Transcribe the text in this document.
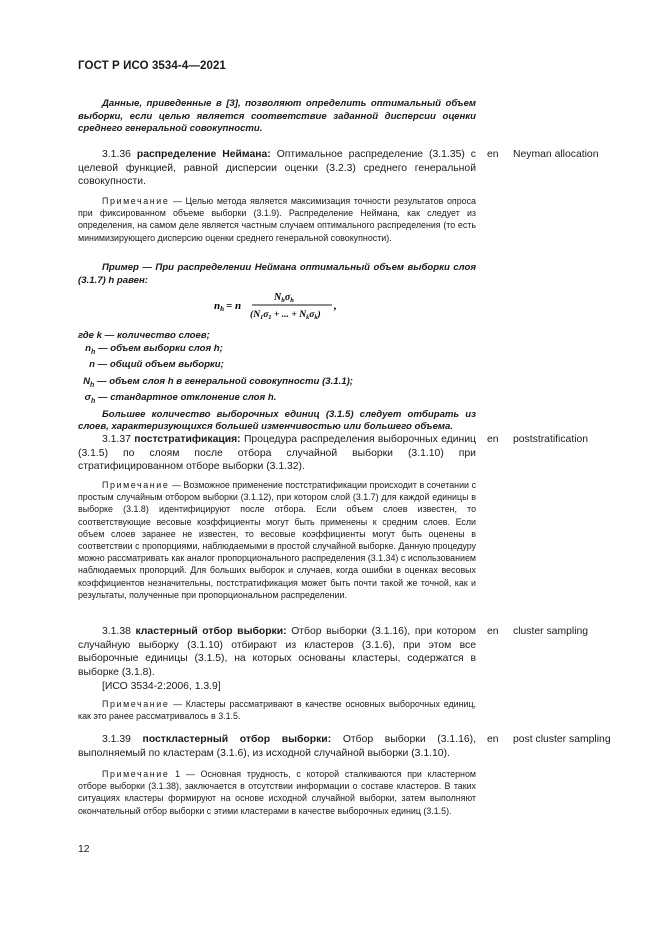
ГОСТ Р ИСО 3534-4—2021

Данные, приведенные в [3], позволяют определить оптимальный объем выборки, если целью является соответствие заданной дисперсии оценки среднего генеральной совокупности.

3.1.36 распределение Неймана: Оптимальное распределение (3.1.35) с целевой функцией, равной дисперсии оценки (3.2.3) среднего генеральной совокупности.

en Neyman allocation

Примечание — Целью метода является максимизация точности результатов опроса при фиксированном объеме выборки (3.1.9). Распределение Неймана, как следует из определения, на самом деле является частным случаем оптимального распределения (то есть минимизирующего дисперсию оценки среднего генеральной совокупности).

Пример — При распределении Неймана оптимальный объем выборки слоя (3.1.7) h равен:

nh = n
$N_h\sigma_h$
($N_1\sigma_1$ + ... + $N_k\sigma_k$)
,
где k — количество слоев;
$n_h$ — объем выборки слоя h;
n — общий объем выборки;
$N_h$ — объем слоя h в генеральной совокупности (3.1.1);
$\sigma_h$ — стандартное отклонение слоя h.

Большее количество выборочных единиц (3.1.5) следует отбирать из слоев, характеризующихся большей изменчивостью или большего объема.

3.1.37 постстратификация: Процедура распределения выборочных единиц (3.1.5) по слоям после отбора случайной выборки (3.1.10) при стратифицированном отборе выборки (3.1.32).

en poststratification

Примечание — Возможное применение постстратификации происходит в сочетании с простым случайным отбором выборки (3.1.12), при котором слой (3.1.7) для каждой единицы в выборке (3.1.8) идентифицируют после отбора. Если объем слоев известен, то соответствующие весовые коэффициенты могут быть применены к средним слоев. Если объем слоев заранее не известен, то весовые коэффициенты могут быть оценены в соответствии с пропорциями, наблюдаемыми в простой случайной выборке. Данную процедуру можно рассматривать как аналог пропорционального распределения (3.1.34) с использованием наблюдаемых пропорций. Для больших выборок и случаев, когда ошибки в оценках весовых коэффициентов незначительны, постстратификация может быть почти такой же точной, как и результаты, полученные при пропорциональном распределении.

3.1.38 кластерный отбор выборки: Отбор выборки (3.1.16), при котором случайную выборку (3.1.10) отбирают из кластеров (3.1.6), при этом все выборочные единицы (3.1.5), на которых основаны кластеры, содержатся в выборке (3.1.8).

[ИСО 3534-2:2006, 1.3.9]

en cluster sampling

Примечание — Кластеры рассматривают в качестве основных выборочных единиц, как это ранее рассматривалось в 3.1.5.

3.1.39 посткластерный отбор выборки: Отбор выборки (3.1.16), выполняемый по кластерам (3.1.6), из исходной случайной выборки (3.1.10).

en post cluster sampling

Примечание 1 — Основная трудность, с которой сталкиваются при кластерном отборе выборки (3.1.38), заключается в отсутствии информации о составе кластеров. В таких ситуациях кластеры формируют на основе исходной случайной выборки, затем выполняют окончательный отбор выборки с этими кластерами в качестве выборочных единиц (3.1.5).

12
